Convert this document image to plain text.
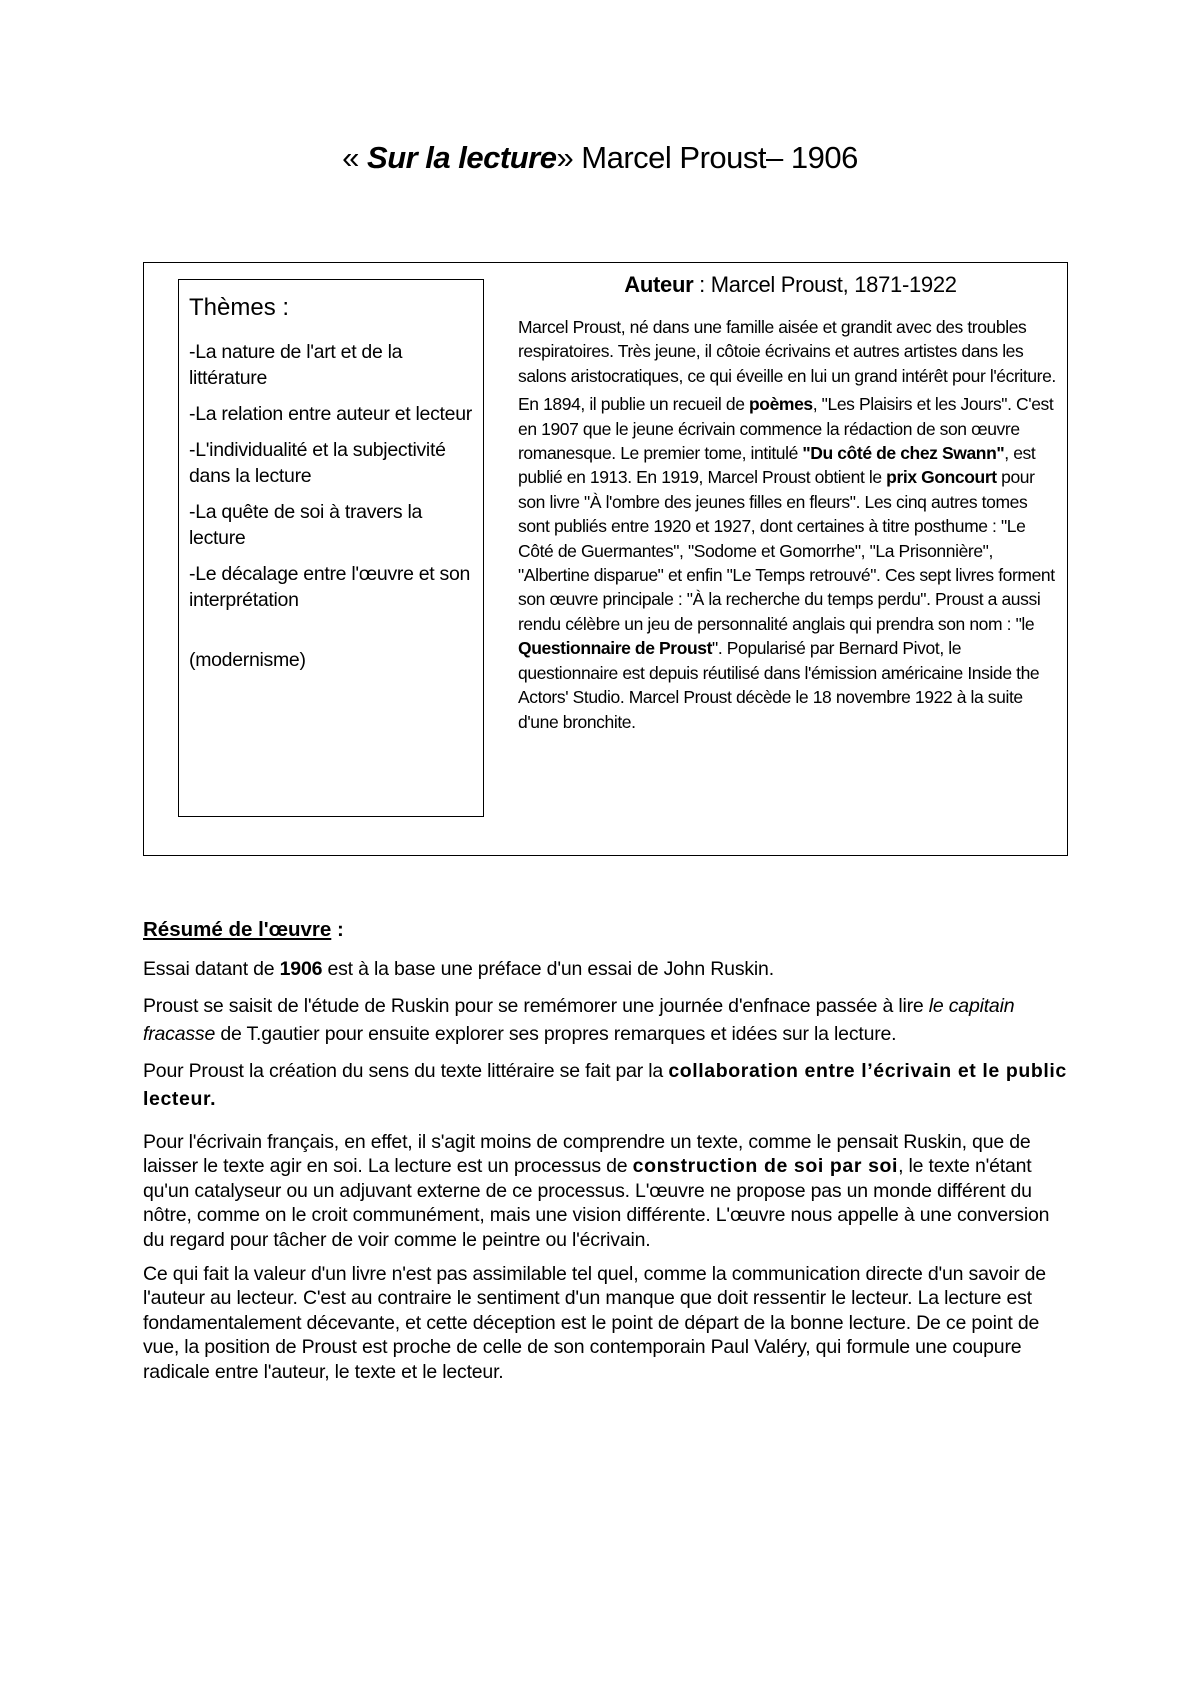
« Sur la lecture» Marcel Proust– 1906
Thèmes :
-La nature de l'art et de la littérature
-La relation entre auteur et lecteur
-L'individualité et la subjectivité dans la lecture
-La quête de soi à travers la lecture
-Le décalage entre l'œuvre et son interprétation
(modernisme)
Auteur : Marcel Proust, 1871-1922

Marcel Proust, né dans une famille aisée et grandit avec des troubles respiratoires. Très jeune, il côtoie écrivains et autres artistes dans les salons aristocratiques, ce qui éveille en lui un grand intérêt pour l'écriture.

En 1894, il publie un recueil de poèmes, "Les Plaisirs et les Jours". C'est en 1907 que le jeune écrivain commence la rédaction de son œuvre romanesque. Le premier tome, intitulé "Du côté de chez Swann", est publié en 1913. En 1919, Marcel Proust obtient le prix Goncourt pour son livre "À l'ombre des jeunes filles en fleurs". Les cinq autres tomes sont publiés entre 1920 et 1927, dont certaines à titre posthume : "Le Côté de Guermantes", "Sodome et Gomorrhe", "La Prisonnière", "Albertine disparue" et enfin "Le Temps retrouvé". Ces sept livres forment son œuvre principale : "À la recherche du temps perdu". Proust a aussi rendu célèbre un jeu de personnalité anglais qui prendra son nom : "le Questionnaire de Proust". Popularisé par Bernard Pivot, le questionnaire est depuis réutilisé dans l'émission américaine Inside the Actors' Studio. Marcel Proust décède le 18 novembre 1922 à la suite d'une bronchite.

Résumé de l'œuvre :

Essai datant de 1906 est à la base une préface d'un essai de John Ruskin.

Proust se saisit de l'étude de Ruskin pour se remémorer une journée d'enfnace passée à lire le capitain fracasse de T.gautier pour ensuite explorer ses propres remarques et idées sur la lecture.

Pour Proust la création du sens du texte littéraire se fait par la collaboration entre l’écrivain et le public lecteur.

Pour l'écrivain français, en effet, il s'agit moins de comprendre un texte, comme le pensait Ruskin, que de laisser le texte agir en soi. La lecture est un processus de construction de soi par soi, le texte n'étant qu'un catalyseur ou un adjuvant externe de ce processus. L'œuvre ne propose pas un monde différent du nôtre, comme on le croit communément, mais une vision différente. L'œuvre nous appelle à une conversion du regard pour tâcher de voir comme le peintre ou l'écrivain.

Ce qui fait la valeur d'un livre n'est pas assimilable tel quel, comme la communication directe d'un savoir de l'auteur au lecteur. C'est au contraire le sentiment d'un manque que doit ressentir le lecteur. La lecture est fondamentalement décevante, et cette déception est le point de départ de la bonne lecture. De ce point de vue, la position de Proust est proche de celle de son contemporain Paul Valéry, qui formule une coupure radicale entre l'auteur, le texte et le lecteur.
